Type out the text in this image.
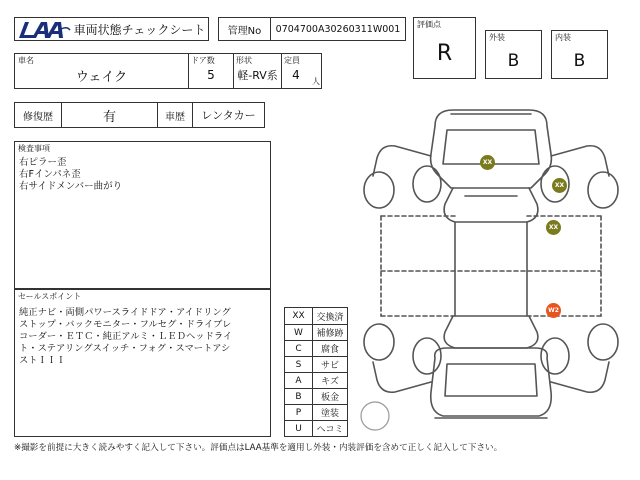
車両状態チェックシート	管理No	0704700A30260311W001
車名
ウェイク
ドア数
5
形状
軽-RV系
定員
4	人
評価点
R
外装
B
内装
B
修復歴	有	車歴	レンタカー
検査事項
右ピラー歪
右Fインパネ歪
右サイドメンバー曲がり
セールスポイント
純正ナビ・両側パワースライドドア・アイドリング
ストップ・バックモニター・フルセグ・ドライブレ
コーダー・ＥＴＣ・純正アルミ・ＬＥＤヘッドライ
ト・ステアリングスイッチ・フォグ・スマートアシ
ストＩＩＩ
XX	交換済
W	補修跡
C	腐食
S	サビ
A	キズ
B	板金
P	塗装
U	ヘコミ
XX
XX
XX
W2
※撮影を前提に大きく読みやすく記入して下さい。評価点はLAA基準を適用し外装・内装評価を含めて正しく記入して下さい。
